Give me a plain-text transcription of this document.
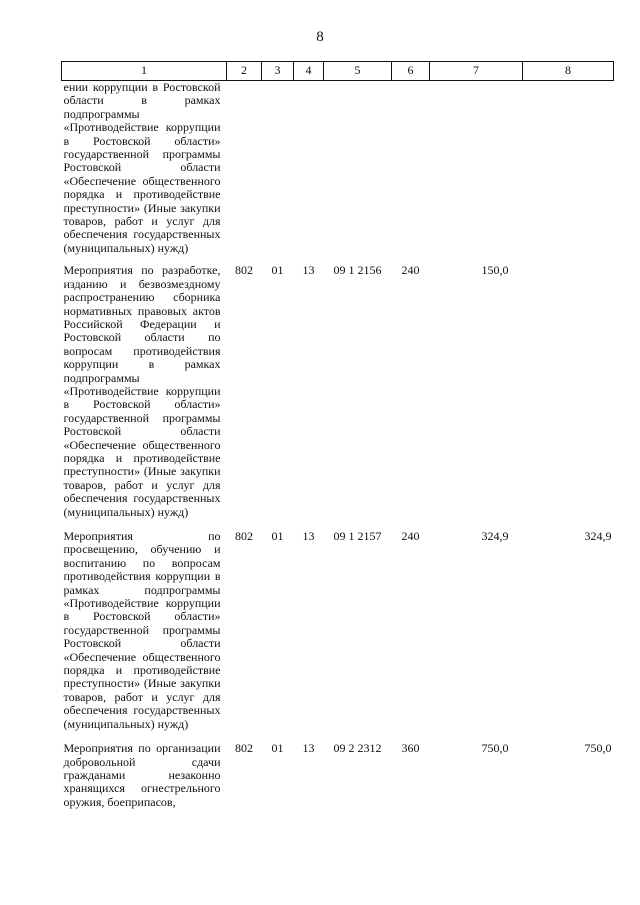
8
1	2	3	4	5	6	7	8
ении коррупции в Ростовской области в рамках подпрограммы «Противодействие коррупции в Ростовской области» государственной программы Ростовской области «Обеспечение общественного порядка и противодействие преступности» (Иные закупки товаров, работ и услуг для обеспечения государственных (муниципальных) нужд)							
Мероприятия по разработке, изданию и безвозмездному распространению сборника нормативных правовых актов Российской Федерации и Ростовской области по вопросам противодействия коррупции в рамках подпрограммы «Противодействие коррупции в Ростовской области» государственной программы Ростовской области «Обеспечение общественного порядка и противодействие преступности» (Иные закупки товаров, работ и услуг для обеспечения государственных (муниципальных) нужд)	802	01	13	09 1 2156	240	150,0	
Мероприятия по просвещению, обучению и воспитанию по вопросам противодействия коррупции в рамках подпрограммы «Противодействие коррупции в Ростовской области» государственной программы Ростовской области «Обеспечение общественного порядка и противодействие преступности» (Иные закупки товаров, работ и услуг для обеспечения государственных (муниципальных) нужд)	802	01	13	09 1 2157	240	324,9	324,9
Мероприятия по организации добровольной сдачи гражданами незаконно хранящихся огнестрельного оружия, боеприпасов,	802	01	13	09 2 2312	360	750,0	750,0
